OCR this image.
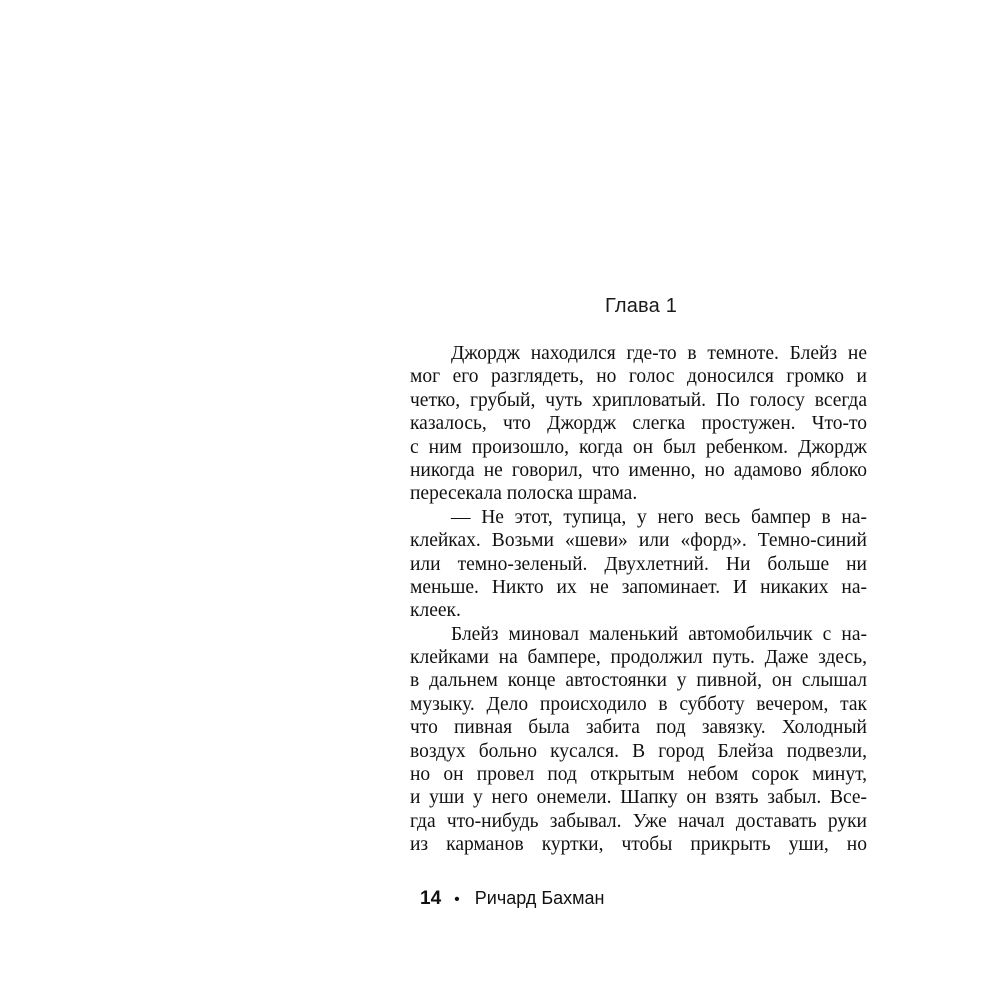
Глава 1
Джордж находился где-то в темноте. Блейз не
мог его разглядеть, но голос доносился громко и
четко, грубый, чуть хрипловатый. По голосу всегда
казалось, что Джордж слегка простужен. Что-то
с ним произошло, когда он был ребенком. Джордж
никогда не говорил, что именно, но адамово яблоко
пересекала полоска шрама.
— Не этот, тупица, у него весь бампер в на-
клейках. Возьми «шеви» или «форд». Темно-синий
или темно-зеленый. Двухлетний. Ни больше ни
меньше. Никто их не запоминает. И никаких на-
клеек.
Блейз миновал маленький автомобильчик с на-
клейками на бампере, продолжил путь. Даже здесь,
в дальнем конце автостоянки у пивной, он слышал
музыку. Дело происходило в субботу вечером, так
что пивная была забита под завязку. Холодный
воздух больно кусался. В город Блейза подвезли,
но он провел под открытым небом сорок минут,
и уши у него онемели. Шапку он взять забыл. Все-
гда что-нибудь забывал. Уже начал доставать руки
из карманов куртки, чтобы прикрыть уши, но
14 • Ричард Бахман
